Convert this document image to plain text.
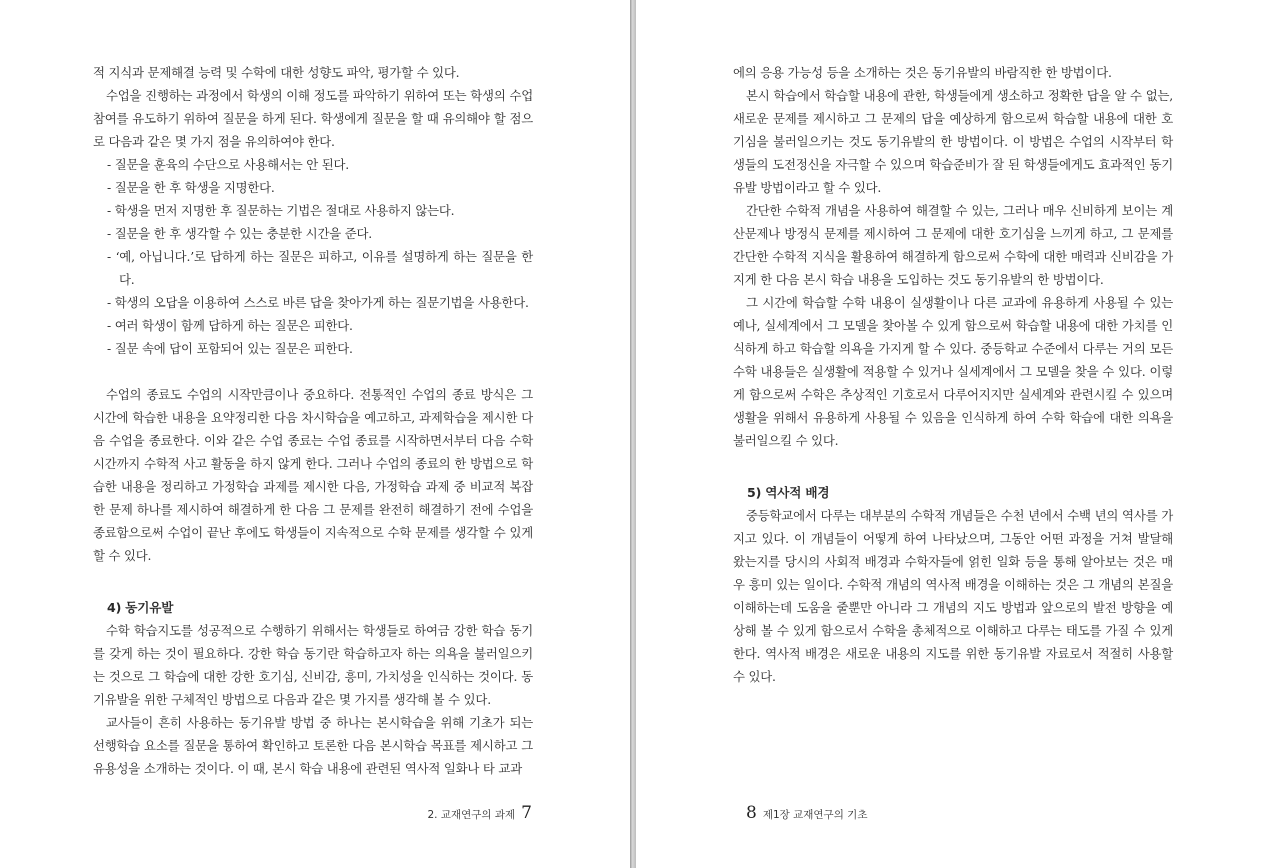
적 지식과 문제해결 능력 및 수학에 대한 성향도 파악, 평가할 수 있다.

수업을 진행하는 과정에서 학생의 이해 정도를 파악하기 위하여 또는 학생의 수업 참여를 유도하기 위하여 질문을 하게 된다. 학생에게 질문을 할 때 유의해야 할 점으로 다음과 같은 몇 가지 점을 유의하여야 한다.

- 질문을 훈육의 수단으로 사용해서는 안 된다.

- 질문을 한 후 학생을 지명한다.

- 학생을 먼저 지명한 후 질문하는 기법은 절대로 사용하지 않는다.

- 질문을 한 후 생각할 수 있는 충분한 시간을 준다.

- ‘예, 아닙니다.’로 답하게 하는 질문은 피하고, 이유를 설명하게 하는 질문을 한다.

- 학생의 오답을 이용하여 스스로 바른 답을 찾아가게 하는 질문기법을 사용한다.

- 여러 학생이 함께 답하게 하는 질문은 피한다.

- 질문 속에 답이 포함되어 있는 질문은 피한다.

수업의 종료도 수업의 시작만큼이나 중요하다. 전통적인 수업의 종료 방식은 그 시간에 학습한 내용을 요약정리한 다음 차시학습을 예고하고, 과제학습을 제시한 다음 수업을 종료한다. 이와 같은 수업 종료는 수업 종료를 시작하면서부터 다음 수학 시간까지 수학적 사고 활동을 하지 않게 한다. 그러나 수업의 종료의 한 방법으로 학습한 내용을 정리하고 가정학습 과제를 제시한 다음, 가정학습 과제 중 비교적 복잡한 문제 하나를 제시하여 해결하게 한 다음 그 문제를 완전히 해결하기 전에 수업을 종료함으로써 수업이 끝난 후에도 학생들이 지속적으로 수학 문제를 생각할 수 있게 할 수 있다.

4) 동기유발

수학 학습지도를 성공적으로 수행하기 위해서는 학생들로 하여금 강한 학습 동기를 갖게 하는 것이 필요하다. 강한 학습 동기란 학습하고자 하는 의욕을 불러일으키는 것으로 그 학습에 대한 강한 호기심, 신비감, 흥미, 가치성을 인식하는 것이다. 동기유발을 위한 구체적인 방법으로 다음과 같은 몇 가지를 생각해 볼 수 있다.

교사들이 흔히 사용하는 동기유발 방법 중 하나는 본시학습을 위해 기초가 되는 선행학습 요소를 질문을 통하여 확인하고 토론한 다음 본시학습 목표를 제시하고 그 유용성을 소개하는 것이다. 이 때, 본시 학습 내용에 관련된 역사적 일화나 타 교과

2. 교재연구의 과제 7

에의 응용 가능성 등을 소개하는 것은 동기유발의 바람직한 한 방법이다.

본시 학습에서 학습할 내용에 관한, 학생들에게 생소하고 정확한 답을 알 수 없는, 새로운 문제를 제시하고 그 문제의 답을 예상하게 함으로써 학습할 내용에 대한 호기심을 불러일으키는 것도 동기유발의 한 방법이다. 이 방법은 수업의 시작부터 학생들의 도전정신을 자극할 수 있으며 학습준비가 잘 된 학생들에게도 효과적인 동기유발 방법이라고 할 수 있다.

간단한 수학적 개념을 사용하여 해결할 수 있는, 그러나 매우 신비하게 보이는 계산문제나 방정식 문제를 제시하여 그 문제에 대한 호기심을 느끼게 하고, 그 문제를 간단한 수학적 지식을 활용하여 해결하게 함으로써 수학에 대한 매력과 신비감을 가지게 한 다음 본시 학습 내용을 도입하는 것도 동기유발의 한 방법이다.

그 시간에 학습할 수학 내용이 실생활이나 다른 교과에 유용하게 사용될 수 있는 예나, 실세계에서 그 모델을 찾아볼 수 있게 함으로써 학습할 내용에 대한 가치를 인식하게 하고 학습할 의욕을 가지게 할 수 있다. 중등학교 수준에서 다루는 거의 모든 수학 내용들은 실생활에 적용할 수 있거나 실세계에서 그 모델을 찾을 수 있다. 이렇게 함으로써 수학은 추상적인 기호로서 다루어지지만 실세계와 관련시킬 수 있으며 생활을 위해서 유용하게 사용될 수 있음을 인식하게 하여 수학 학습에 대한 의욕을 불러일으킬 수 있다.

5) 역사적 배경

중등학교에서 다루는 대부분의 수학적 개념들은 수천 년에서 수백 년의 역사를 가지고 있다. 이 개념들이 어떻게 하여 나타났으며, 그동안 어떤 과정을 거쳐 발달해 왔는지를 당시의 사회적 배경과 수학자들에 얽힌 일화 등을 통해 알아보는 것은 매우 흥미 있는 일이다. 수학적 개념의 역사적 배경을 이해하는 것은 그 개념의 본질을 이해하는데 도움을 줄뿐만 아니라 그 개념의 지도 방법과 앞으로의 발전 방향을 예상해 볼 수 있게 함으로서 수학을 총체적으로 이해하고 다루는 태도를 가질 수 있게 한다. 역사적 배경은 새로운 내용의 지도를 위한 동기유발 자료로서 적절히 사용할 수 있다.

8 제1장 교재연구의 기초
